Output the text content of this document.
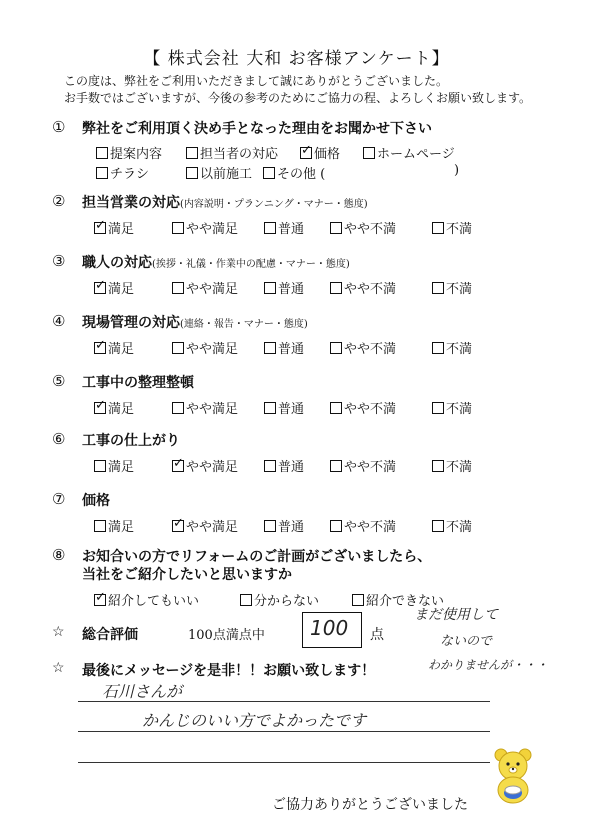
【 株式会社 大和 お客様アンケート】
この度は、弊社をご利用いただきまして誠にありがとうございました。
お手数ではございますが、今後の参考のためにご協力の程、よろしくお願い致します。
① 弊社をご利用頂く決め手となった理由をお聞かせ下さい
提案内容	担当者の対応 ✓ 価格	ホームページ
チラシ	以前施工	その他 (	)
② 担当営業の対応(内容説明・プランニング・マナー・態度)
✓ 満足	やや満足	普通	やや不満	不満
③ 職人の対応(挨拶・礼儀・作業中の配慮・マナー・態度)
✓ 満足	やや満足	普通	やや不満	不満
④ 現場管理の対応(連絡・報告・マナー・態度)
✓ 満足	やや満足	普通	やや不満	不満
⑤ 工事中の整理整頓
✓ 満足	やや満足	普通	やや不満	不満
⑥ 工事の仕上がり
満足	✓ やや満足	普通	やや不満	不満
⑦ 価格
満足	✓ やや満足	普通	やや不満	不満
⑧ お知合いの方でリフォームのご計画がございましたら、
当社をご紹介したいと思いますか
✓ 紹介してもいい	分からない	紹介できない
☆ 総合評価	100点満点中 100 点
まだ使用して
ないので
わかりませんが・・・
☆ 最後にメッセージを是非！！お願い致します！
石川さんが
かんじのいい方でよかったです
ご協力ありがとうございました
